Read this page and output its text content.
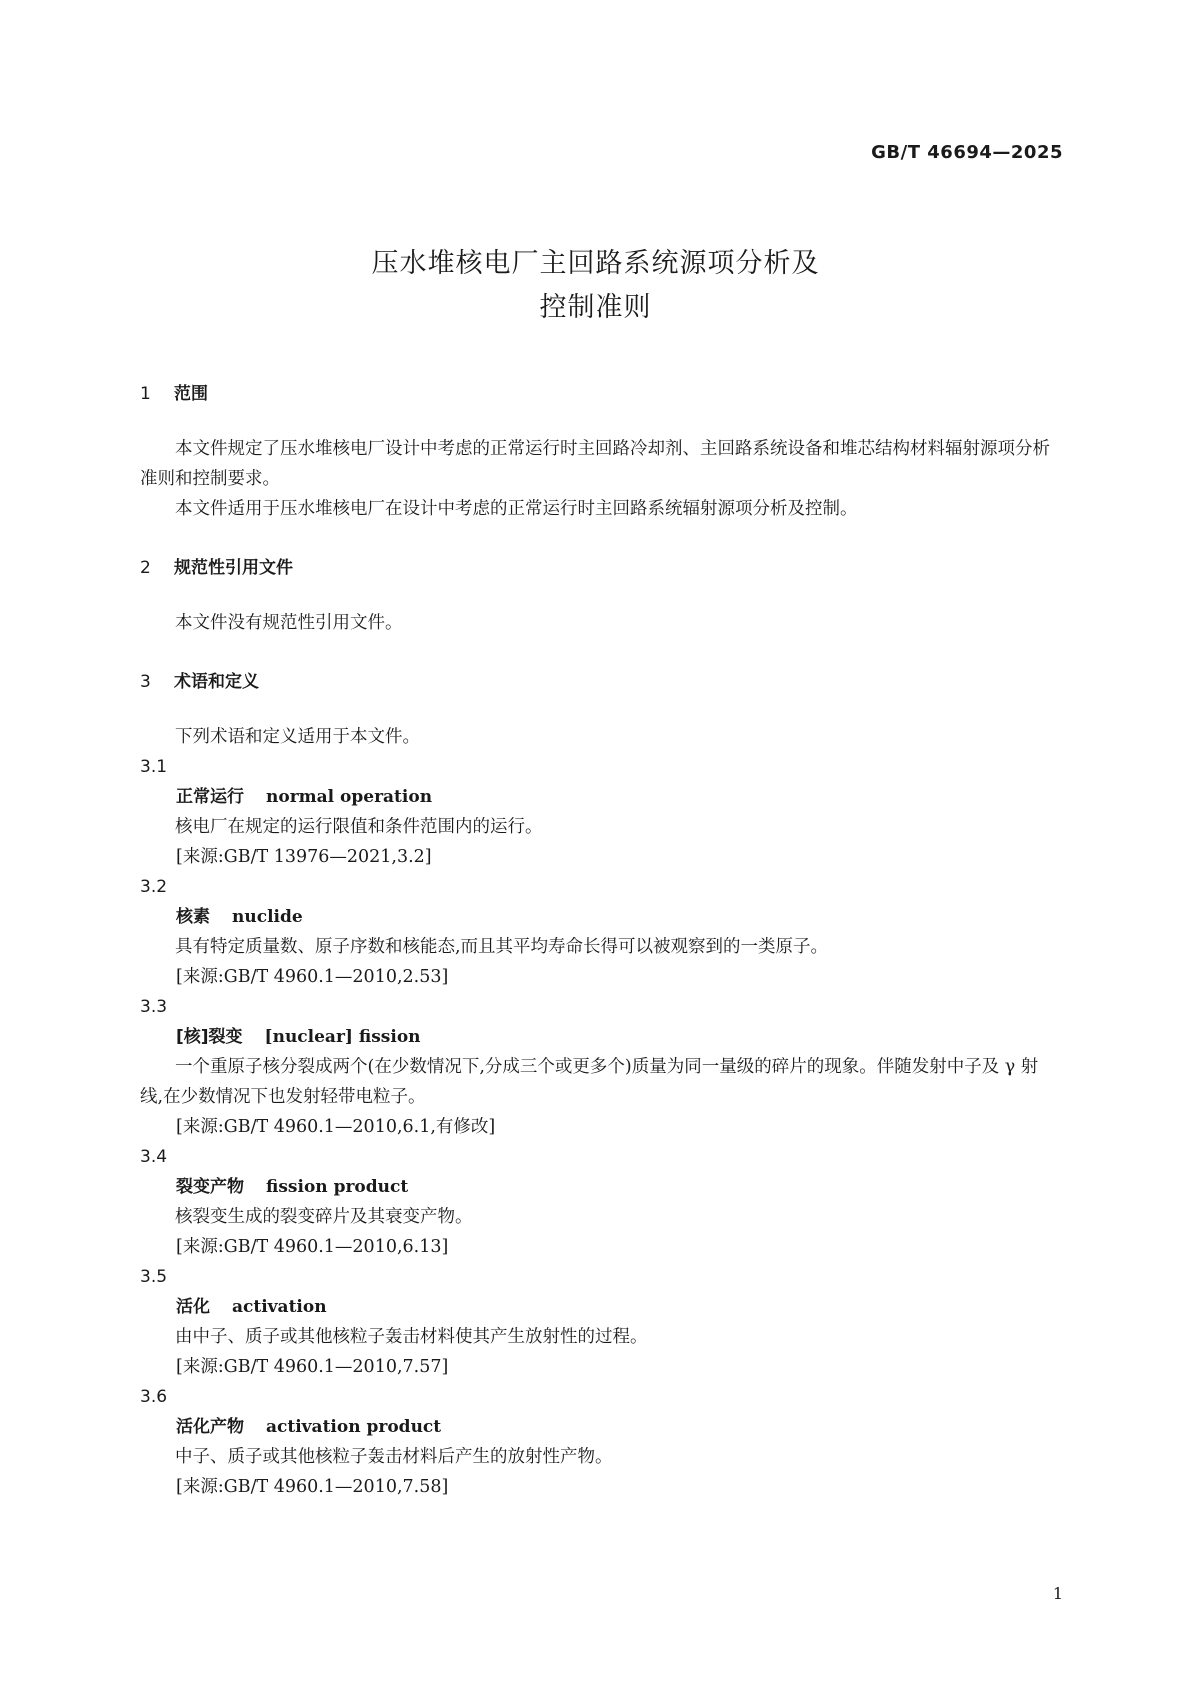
GB/T 46694—2025
压水堆核电厂主回路系统源项分析及
控制准则
1 范围
本文件规定了压水堆核电厂设计中考虑的正常运行时主回路冷却剂、主回路系统设备和堆芯结构材料辐射源项分析准则和控制要求。
本文件适用于压水堆核电厂在设计中考虑的正常运行时主回路系统辐射源项分析及控制。
2 规范性引用文件
本文件没有规范性引用文件。
3 术语和定义
下列术语和定义适用于本文件。
3.1
正常运行 normal operation
核电厂在规定的运行限值和条件范围内的运行。
[来源:GB/T 13976—2021,3.2]
3.2
核素 nuclide
具有特定质量数、原子序数和核能态,而且其平均寿命长得可以被观察到的一类原子。
[来源:GB/T 4960.1—2010,2.53]
3.3
[核]裂变 [nuclear] fission
一个重原子核分裂成两个(在少数情况下,分成三个或更多个)质量为同一量级的碎片的现象。伴随发射中子及 γ 射线,在少数情况下也发射轻带电粒子。
[来源:GB/T 4960.1—2010,6.1,有修改]
3.4
裂变产物 fission product
核裂变生成的裂变碎片及其衰变产物。
[来源:GB/T 4960.1—2010,6.13]
3.5
活化 activation
由中子、质子或其他核粒子轰击材料使其产生放射性的过程。
[来源:GB/T 4960.1—2010,7.57]
3.6
活化产物 activation product
中子、质子或其他核粒子轰击材料后产生的放射性产物。
[来源:GB/T 4960.1—2010,7.58]
1
